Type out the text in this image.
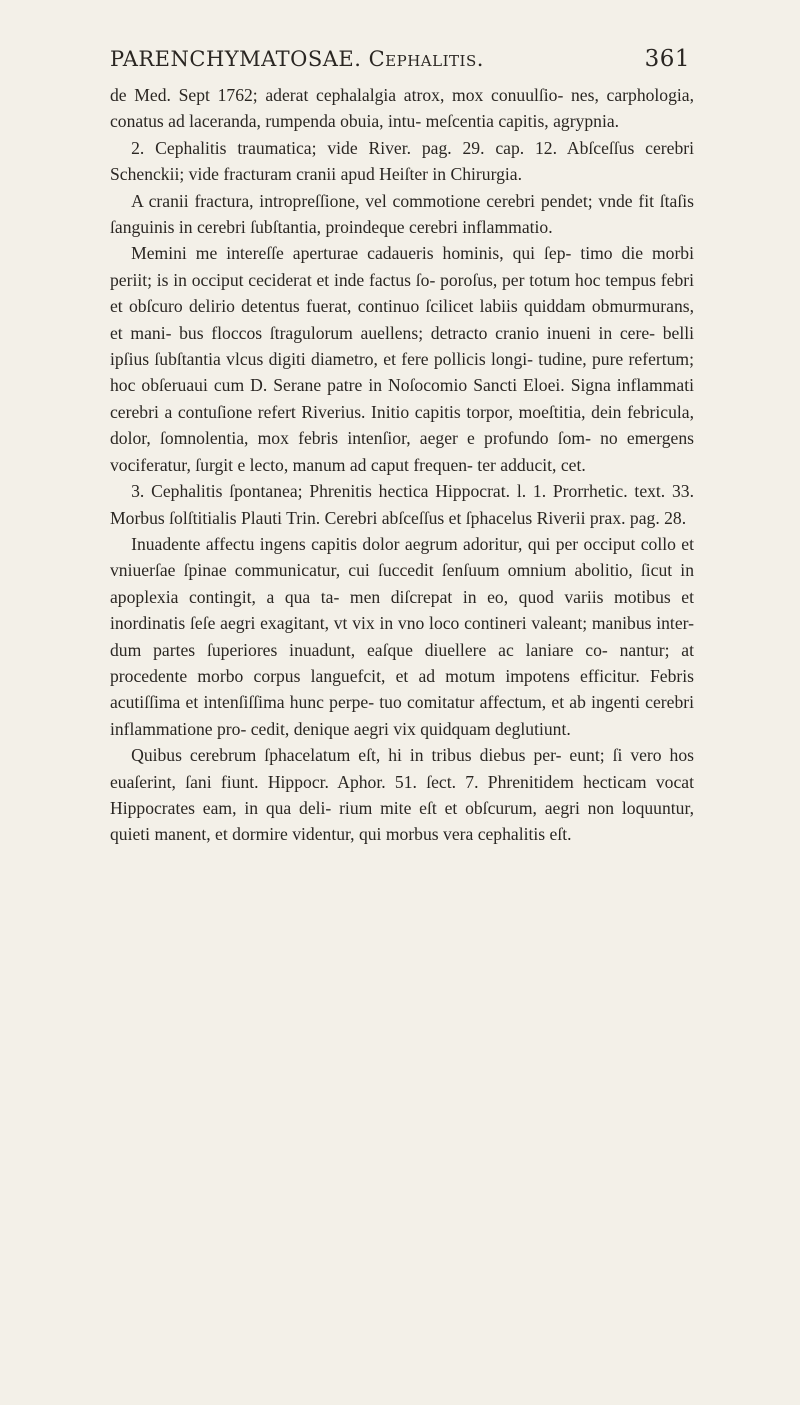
PARENCHYMATOSAE. Cephalitis.	361

de Med. Sept 1762; aderat cephalalgia atrox, mox conuulſio- nes, carphologia, conatus ad laceranda, rumpenda obuia, intu- meſcentia capitis, agrypnia.

2. Cephalitis traumatica; vide River. pag. 29. cap. 12. Abſceſſus cerebri Schenckii; vide fracturam cranii apud Heiſter in Chirurgia.

A cranii fractura, intropreſſione, vel commotione cerebri pendet; vnde fit ſtaſis ſanguinis in cerebri ſubſtantia, proindeque cerebri inflammatio.

Memini me intereſſe aperturae cadaueris hominis, qui ſep- timo die morbi periit; is in occiput ceciderat et inde factus ſo- poroſus, per totum hoc tempus febri et obſcuro delirio detentus fuerat, continuo ſcilicet labiis quiddam obmurmurans, et mani- bus floccos ſtragulorum auellens; detracto cranio inueni in cere- belli ipſius ſubſtantia vlcus digiti diametro, et fere pollicis longi- tudine, pure refertum; hoc obſeruaui cum D. Serane patre in Noſocomio Sancti Eloei. Signa inflammati cerebri a contuſione refert Riverius. Initio capitis torpor, moeſtitia, dein febricula, dolor, ſomnolentia, mox febris intenſior, aeger e profundo ſom- no emergens vociferatur, ſurgit e lecto, manum ad caput frequen- ter adducit, cet.

3. Cephalitis ſpontanea; Phrenitis hectica Hippocrat. l. 1. Prorrhetic. text. 33. Morbus ſolſtitialis Plauti Trin. Cerebri abſceſſus et ſphacelus Riverii prax. pag. 28.

Inuadente affectu ingens capitis dolor aegrum adoritur, qui per occiput collo et vniuerſae ſpinae communicatur, cui ſuccedit ſenſuum omnium abolitio, ſicut in apoplexia contingit, a qua ta- men diſcrepat in eo, quod variis motibus et inordinatis ſeſe aegri exagitant, vt vix in vno loco contineri valeant; manibus inter- dum partes ſuperiores inuadunt, eaſque diuellere ac laniare co- nantur; at procedente morbo corpus languefcit, et ad motum impotens efficitur. Febris acutiſſima et intenſiſſima hunc perpe- tuo comitatur affectum, et ab ingenti cerebri inflammatione pro- cedit, denique aegri vix quidquam deglutiunt.

Quibus cerebrum ſphacelatum eſt, hi in tribus diebus per- eunt; ſi vero hos euaſerint, ſani fiunt. Hippocr. Aphor. 51. ſect. 7. Phrenitidem hecticam vocat Hippocrates eam, in qua deli- rium mite eſt et obſcurum, aegri non loquuntur, quieti manent, et dormire videntur, qui morbus vera cephalitis eſt.
